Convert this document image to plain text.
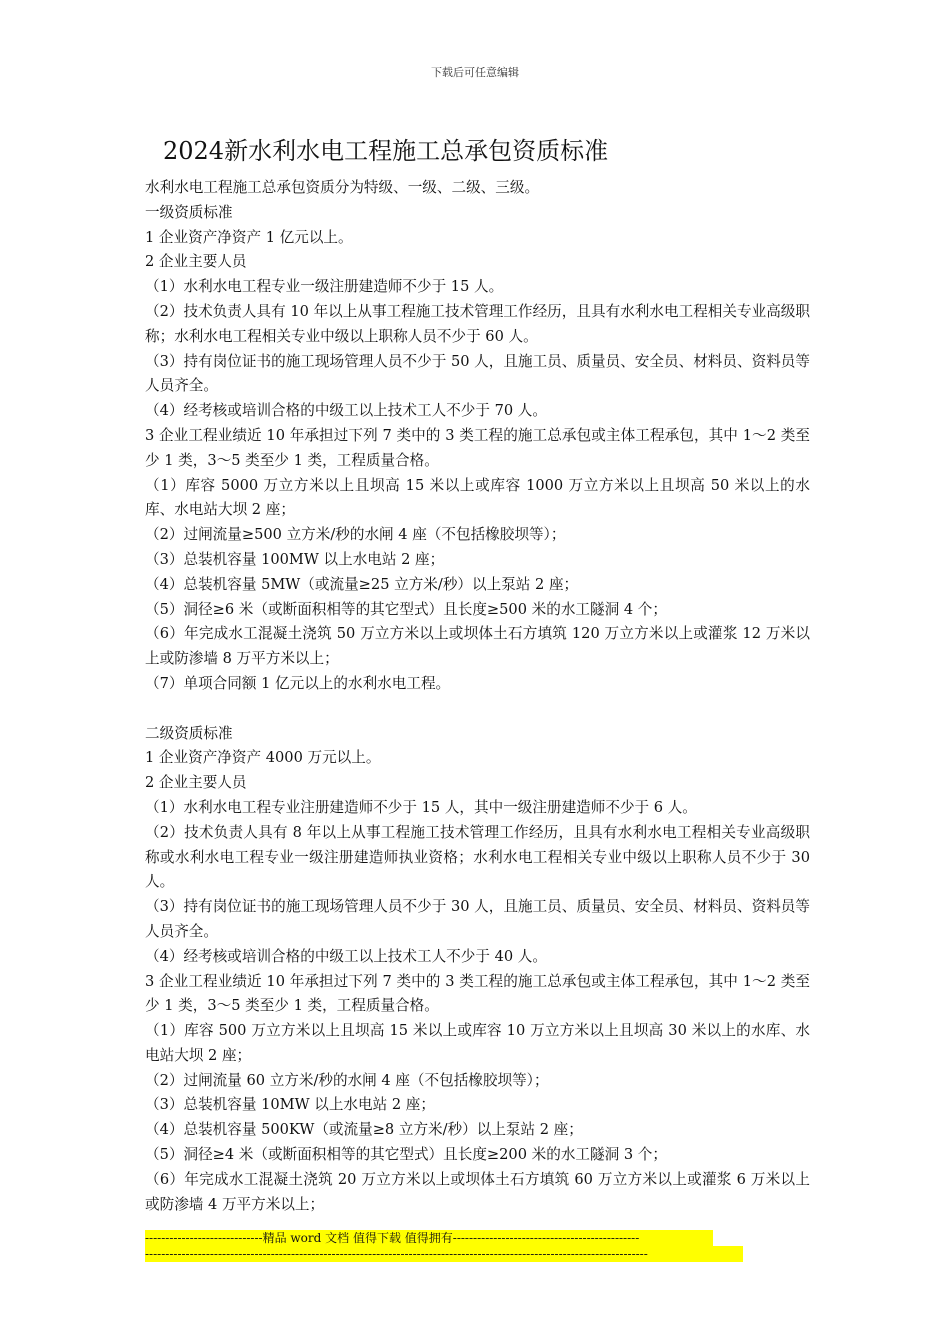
下载后可任意编辑
2024新水利水电工程施工总承包资质标准

水利水电工程施工总承包资质分为特级、一级、二级、三级。

一级资质标准

1 企业资产净资产 1 亿元以上。

2 企业主要人员

（1）水利水电工程专业一级注册建造师不少于 15 人。

（2）技术负责人具有 10 年以上从事工程施工技术管理工作经历，且具有水利水电工程相关专业高级职称；水利水电工程相关专业中级以上职称人员不少于 60 人。

（3）持有岗位证书的施工现场管理人员不少于 50 人，且施工员、质量员、安全员、材料员、资料员等人员齐全。

（4）经考核或培训合格的中级工以上技术工人不少于 70 人。

3 企业工程业绩近 10 年承担过下列 7 类中的 3 类工程的施工总承包或主体工程承包，其中 1～2 类至少 1 类，3～5 类至少 1 类，工程质量合格。

（1）库容 5000 万立方米以上且坝高 15 米以上或库容 1000 万立方米以上且坝高 50 米以上的水库、水电站大坝 2 座；

（2）过闸流量≥500 立方米/秒的水闸 4 座（不包括橡胶坝等）；

（3）总装机容量 100MW 以上水电站 2 座；

（4）总装机容量 5MW（或流量≥25 立方米/秒）以上泵站 2 座；

（5）洞径≥6 米（或断面积相等的其它型式）且长度≥500 米的水工隧洞 4 个；

（6）年完成水工混凝土浇筑 50 万立方米以上或坝体土石方填筑 120 万立方米以上或灌浆 12 万米以上或防渗墙 8 万平方米以上；

（7）单项合同额 1 亿元以上的水利水电工程。

二级资质标准

1 企业资产净资产 4000 万元以上。

2 企业主要人员

（1）水利水电工程专业注册建造师不少于 15 人，其中一级注册建造师不少于 6 人。

（2）技术负责人具有 8 年以上从事工程施工技术管理工作经历，且具有水利水电工程相关专业高级职称或水利水电工程专业一级注册建造师执业资格；水利水电工程相关专业中级以上职称人员不少于 30 人。

（3）持有岗位证书的施工现场管理人员不少于 30 人，且施工员、质量员、安全员、材料员、资料员等人员齐全。

（4）经考核或培训合格的中级工以上技术工人不少于 40 人。

3 企业工程业绩近 10 年承担过下列 7 类中的 3 类工程的施工总承包或主体工程承包，其中 1～2 类至少 1 类，3～5 类至少 1 类，工程质量合格。

（1）库容 500 万立方米以上且坝高 15 米以上或库容 10 万立方米以上且坝高 30 米以上的水库、水电站大坝 2 座；

（2）过闸流量 60 立方米/秒的水闸 4 座（不包括橡胶坝等）；

（3）总装机容量 10MW 以上水电站 2 座；

（4）总装机容量 500KW（或流量≥8 立方米/秒）以上泵站 2 座；

（5）洞径≥4 米（或断面积相等的其它型式）且长度≥200 米的水工隧洞 3 个；

（6）年完成水工混凝土浇筑 20 万立方米以上或坝体土石方填筑 60 万立方米以上或灌浆 6 万米以上或防渗墙 4 万平方米以上；

-----------------------------精品 word 文档 值得下载 值得拥有----------------------------------------------
----------------------------------------------------------------------------------------------------------------------------
